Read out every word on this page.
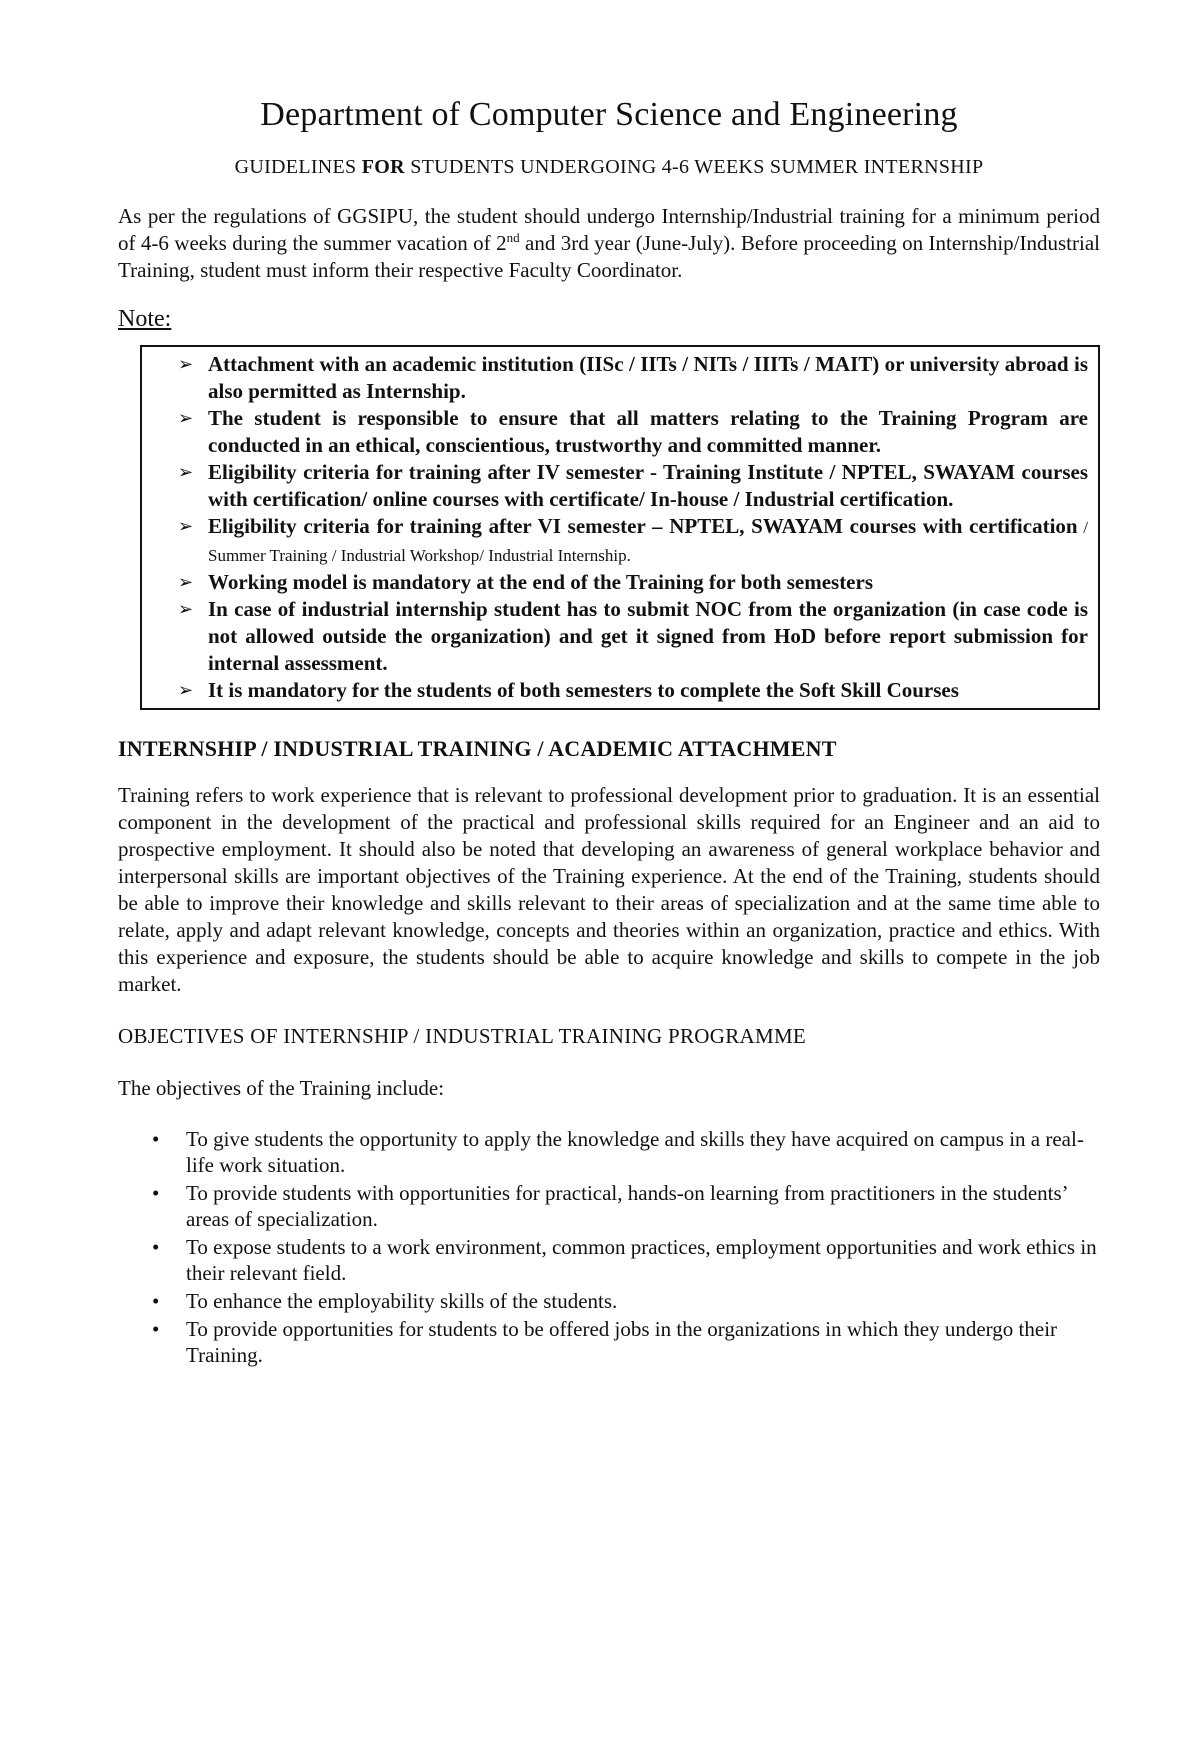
Department of Computer Science and Engineering
GUIDELINES FOR STUDENTS UNDERGOING 4-6 WEEKS SUMMER INTERNSHIP

As per the regulations of GGSIPU, the student should undergo Internship/Industrial training for a minimum period of 4-6 weeks during the summer vacation of 2nd and 3rd year (June-July). Before proceeding on Internship/Industrial Training, student must inform their respective Faculty Coordinator.

Note:
➢ Attachment with an academic institution (IISc / IITs / NITs / IIITs / MAIT) or university abroad is also permitted as Internship.
➢ The student is responsible to ensure that all matters relating to the Training Program are conducted in an ethical, conscientious, trustworthy and committed manner.
➢ Eligibility criteria for training after IV semester - Training Institute / NPTEL, SWAYAM courses with certification/ online courses with certificate/ In-house / Industrial certification.
➢ Eligibility criteria for training after VI semester – NPTEL, SWAYAM courses with certification / Summer Training / Industrial Workshop/ Industrial Internship.
➢ Working model is mandatory at the end of the Training for both semesters
➢ In case of industrial internship student has to submit NOC from the organization (in case code is not allowed outside the organization) and get it signed from HoD before report submission for internal assessment.
➢ It is mandatory for the students of both semesters to complete the Soft Skill Courses
INTERNSHIP / INDUSTRIAL TRAINING / ACADEMIC ATTACHMENT

Training refers to work experience that is relevant to professional development prior to graduation. It is an essential component in the development of the practical and professional skills required for an Engineer and an aid to prospective employment. It should also be noted that developing an awareness of general workplace behavior and interpersonal skills are important objectives of the Training experience. At the end of the Training, students should be able to improve their knowledge and skills relevant to their areas of specialization and at the same time able to relate, apply and adapt relevant knowledge, concepts and theories within an organization, practice and ethics. With this experience and exposure, the students should be able to acquire knowledge and skills to compete in the job market.

OBJECTIVES OF INTERNSHIP / INDUSTRIAL TRAINING PROGRAMME

The objectives of the Training include:

• To give students the opportunity to apply the knowledge and skills they have acquired on campus in a real-life work situation.
• To provide students with opportunities for practical, hands-on learning from practitioners in the students’ areas of specialization.
• To expose students to a work environment, common practices, employment opportunities and work ethics in their relevant field.
• To enhance the employability skills of the students.
• To provide opportunities for students to be offered jobs in the organizations in which they undergo their Training.
